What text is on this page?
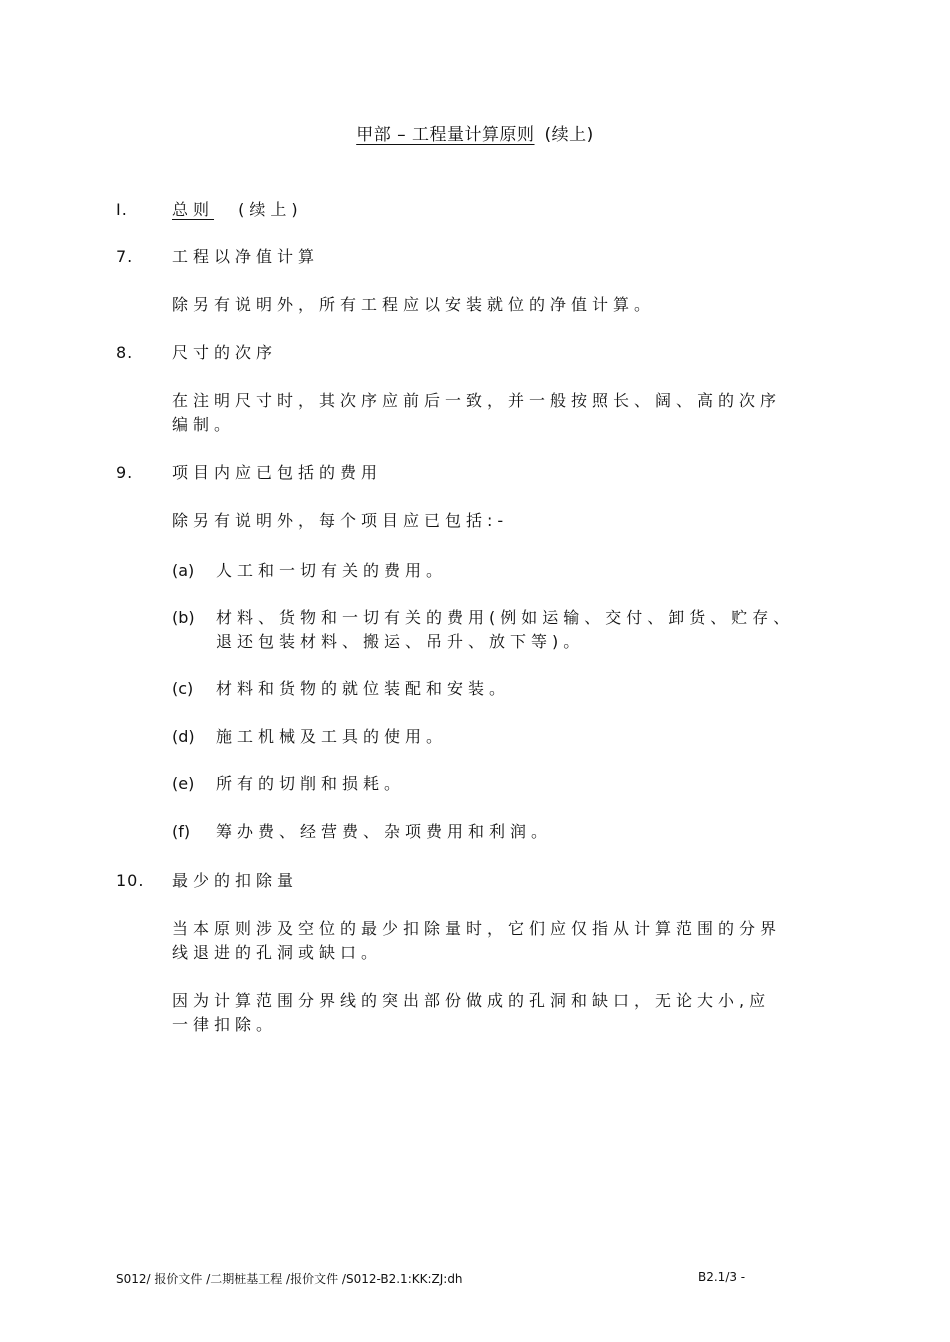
甲部 – 工程量计算原则 (续上)
I.	总则 (续上)
7. 工程以净值计算
除另有说明外，所有工程应以安装就位的净值计算。
8. 尺寸的次序
在注明尺寸时，其次序应前后一致，并一般按照长、阔、高的次序
编制。
9. 项目内应已包括的费用
除另有说明外，每个项目应已包括:-
(a) 人工和一切有关的费用。
(b) 材料、货物和一切有关的费用(例如运输、交付、卸货、贮存、
退还包装材料、搬运、吊升、放下等)。
(c) 材料和货物的就位装配和安装。
(d) 施工机械及工具的使用。
(e) 所有的切削和损耗。
(f) 筹办费、经营费、杂项费用和利润。
10. 最少的扣除量
当本原则涉及空位的最少扣除量时，它们应仅指从计算范围的分界
线退进的孔洞或缺口。
因为计算范围分界线的突出部份做成的孔洞和缺口，无论大小,应
一律扣除。
S012/ 报价文件 /二期桩基工程 /报价文件 /S012-B2.1:KK:ZJ:dh	B2.1/3 -
